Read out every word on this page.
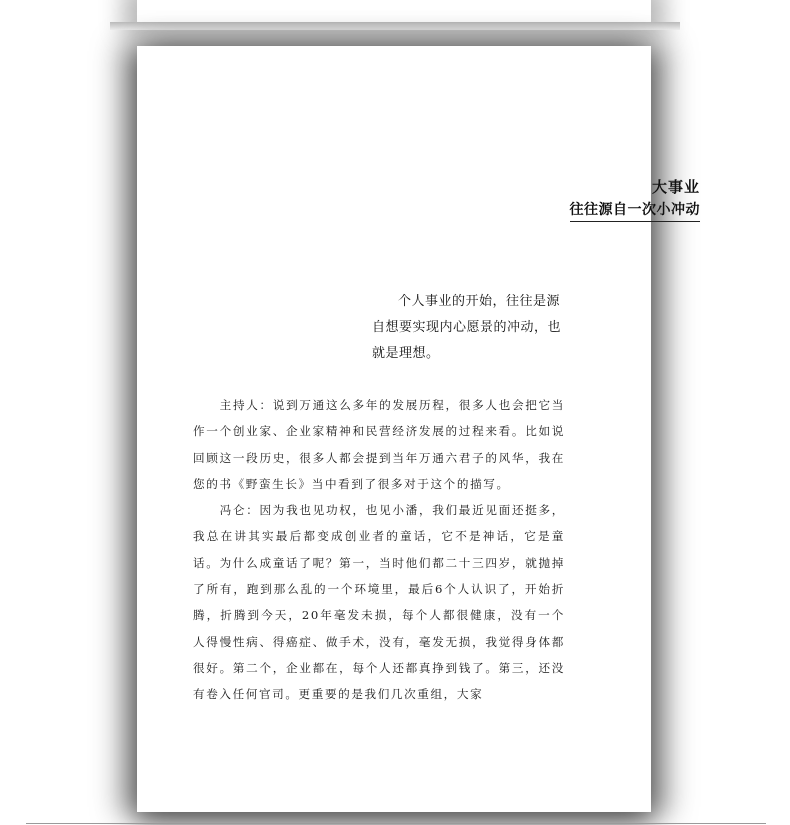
大事业
往往源自一次小冲动
个人事业的开始，往往是源自想要实现内心愿景的冲动，也就是理想。

主持人：说到万通这么多年的发展历程，很多人也会把它当作一个创业家、企业家精神和民营经济发展的过程来看。比如说回顾这一段历史，很多人都会提到当年万通六君子的风华，我在您的书《野蛮生长》当中看到了很多对于这个的描写。

冯仑：因为我也见功权，也见小潘，我们最近见面还挺多，我总在讲其实最后都变成创业者的童话，它不是神话，它是童话。为什么成童话了呢？第一，当时他们都二十三四岁，就抛掉了所有，跑到那么乱的一个环境里，最后6个人认识了，开始折腾，折腾到今天，20年毫发未损，每个人都很健康，没有一个人得慢性病、得癌症、做手术，没有，毫发无损，我觉得身体都很好。第二个，企业都在，每个人还都真挣到钱了。第三，还没有卷入任何官司。更重要的是我们几次重组，大家
